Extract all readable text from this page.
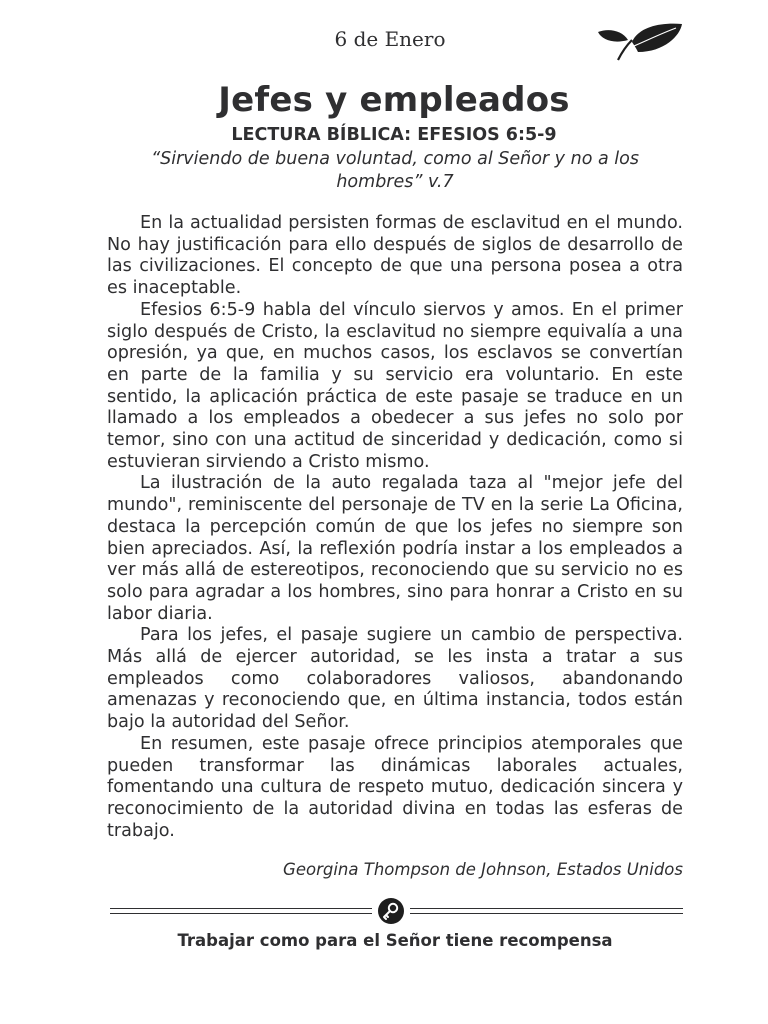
6 de Enero
Jefes y empleados
LECTURA BÍBLICA: EFESIOS 6:5-9
“Sirviendo de buena voluntad, como al Señor y no a los hombres” v.7

En la actualidad persisten formas de esclavitud en el mundo. No hay justificación para ello después de siglos de desarrollo de las civilizaciones. El concepto de que una persona posea a otra es inaceptable.

Efesios 6:5-9 habla del vínculo siervos y amos. En el primer siglo después de Cristo, la esclavitud no siempre equivalía a una opresión, ya que, en muchos casos, los esclavos se convertían en parte de la familia y su servicio era voluntario. En este sentido, la aplicación práctica de este pasaje se traduce en un llamado a los empleados a obedecer a sus jefes no solo por temor, sino con una actitud de sinceridad y dedicación, como si estuvieran sirviendo a Cristo mismo.

La ilustración de la auto regalada taza al "mejor jefe del mundo", reminiscente del personaje de TV en la serie La Oficina, destaca la percepción común de que los jefes no siempre son bien apreciados. Así, la reflexión podría instar a los empleados a ver más allá de estereotipos, reconociendo que su servicio no es solo para agradar a los hombres, sino para honrar a Cristo en su labor diaria.

Para los jefes, el pasaje sugiere un cambio de perspectiva. Más allá de ejercer autoridad, se les insta a tratar a sus empleados como colaboradores valiosos, abandonando amenazas y reconociendo que, en última instancia, todos están bajo la autoridad del Señor.

En resumen, este pasaje ofrece principios atemporales que pueden transformar las dinámicas laborales actuales, fomentando una cultura de respeto mutuo, dedicación sincera y reconocimiento de la autoridad divina en todas las esferas de trabajo.

Georgina Thompson de Johnson, Estados Unidos
Trabajar como para el Señor tiene recompensa
